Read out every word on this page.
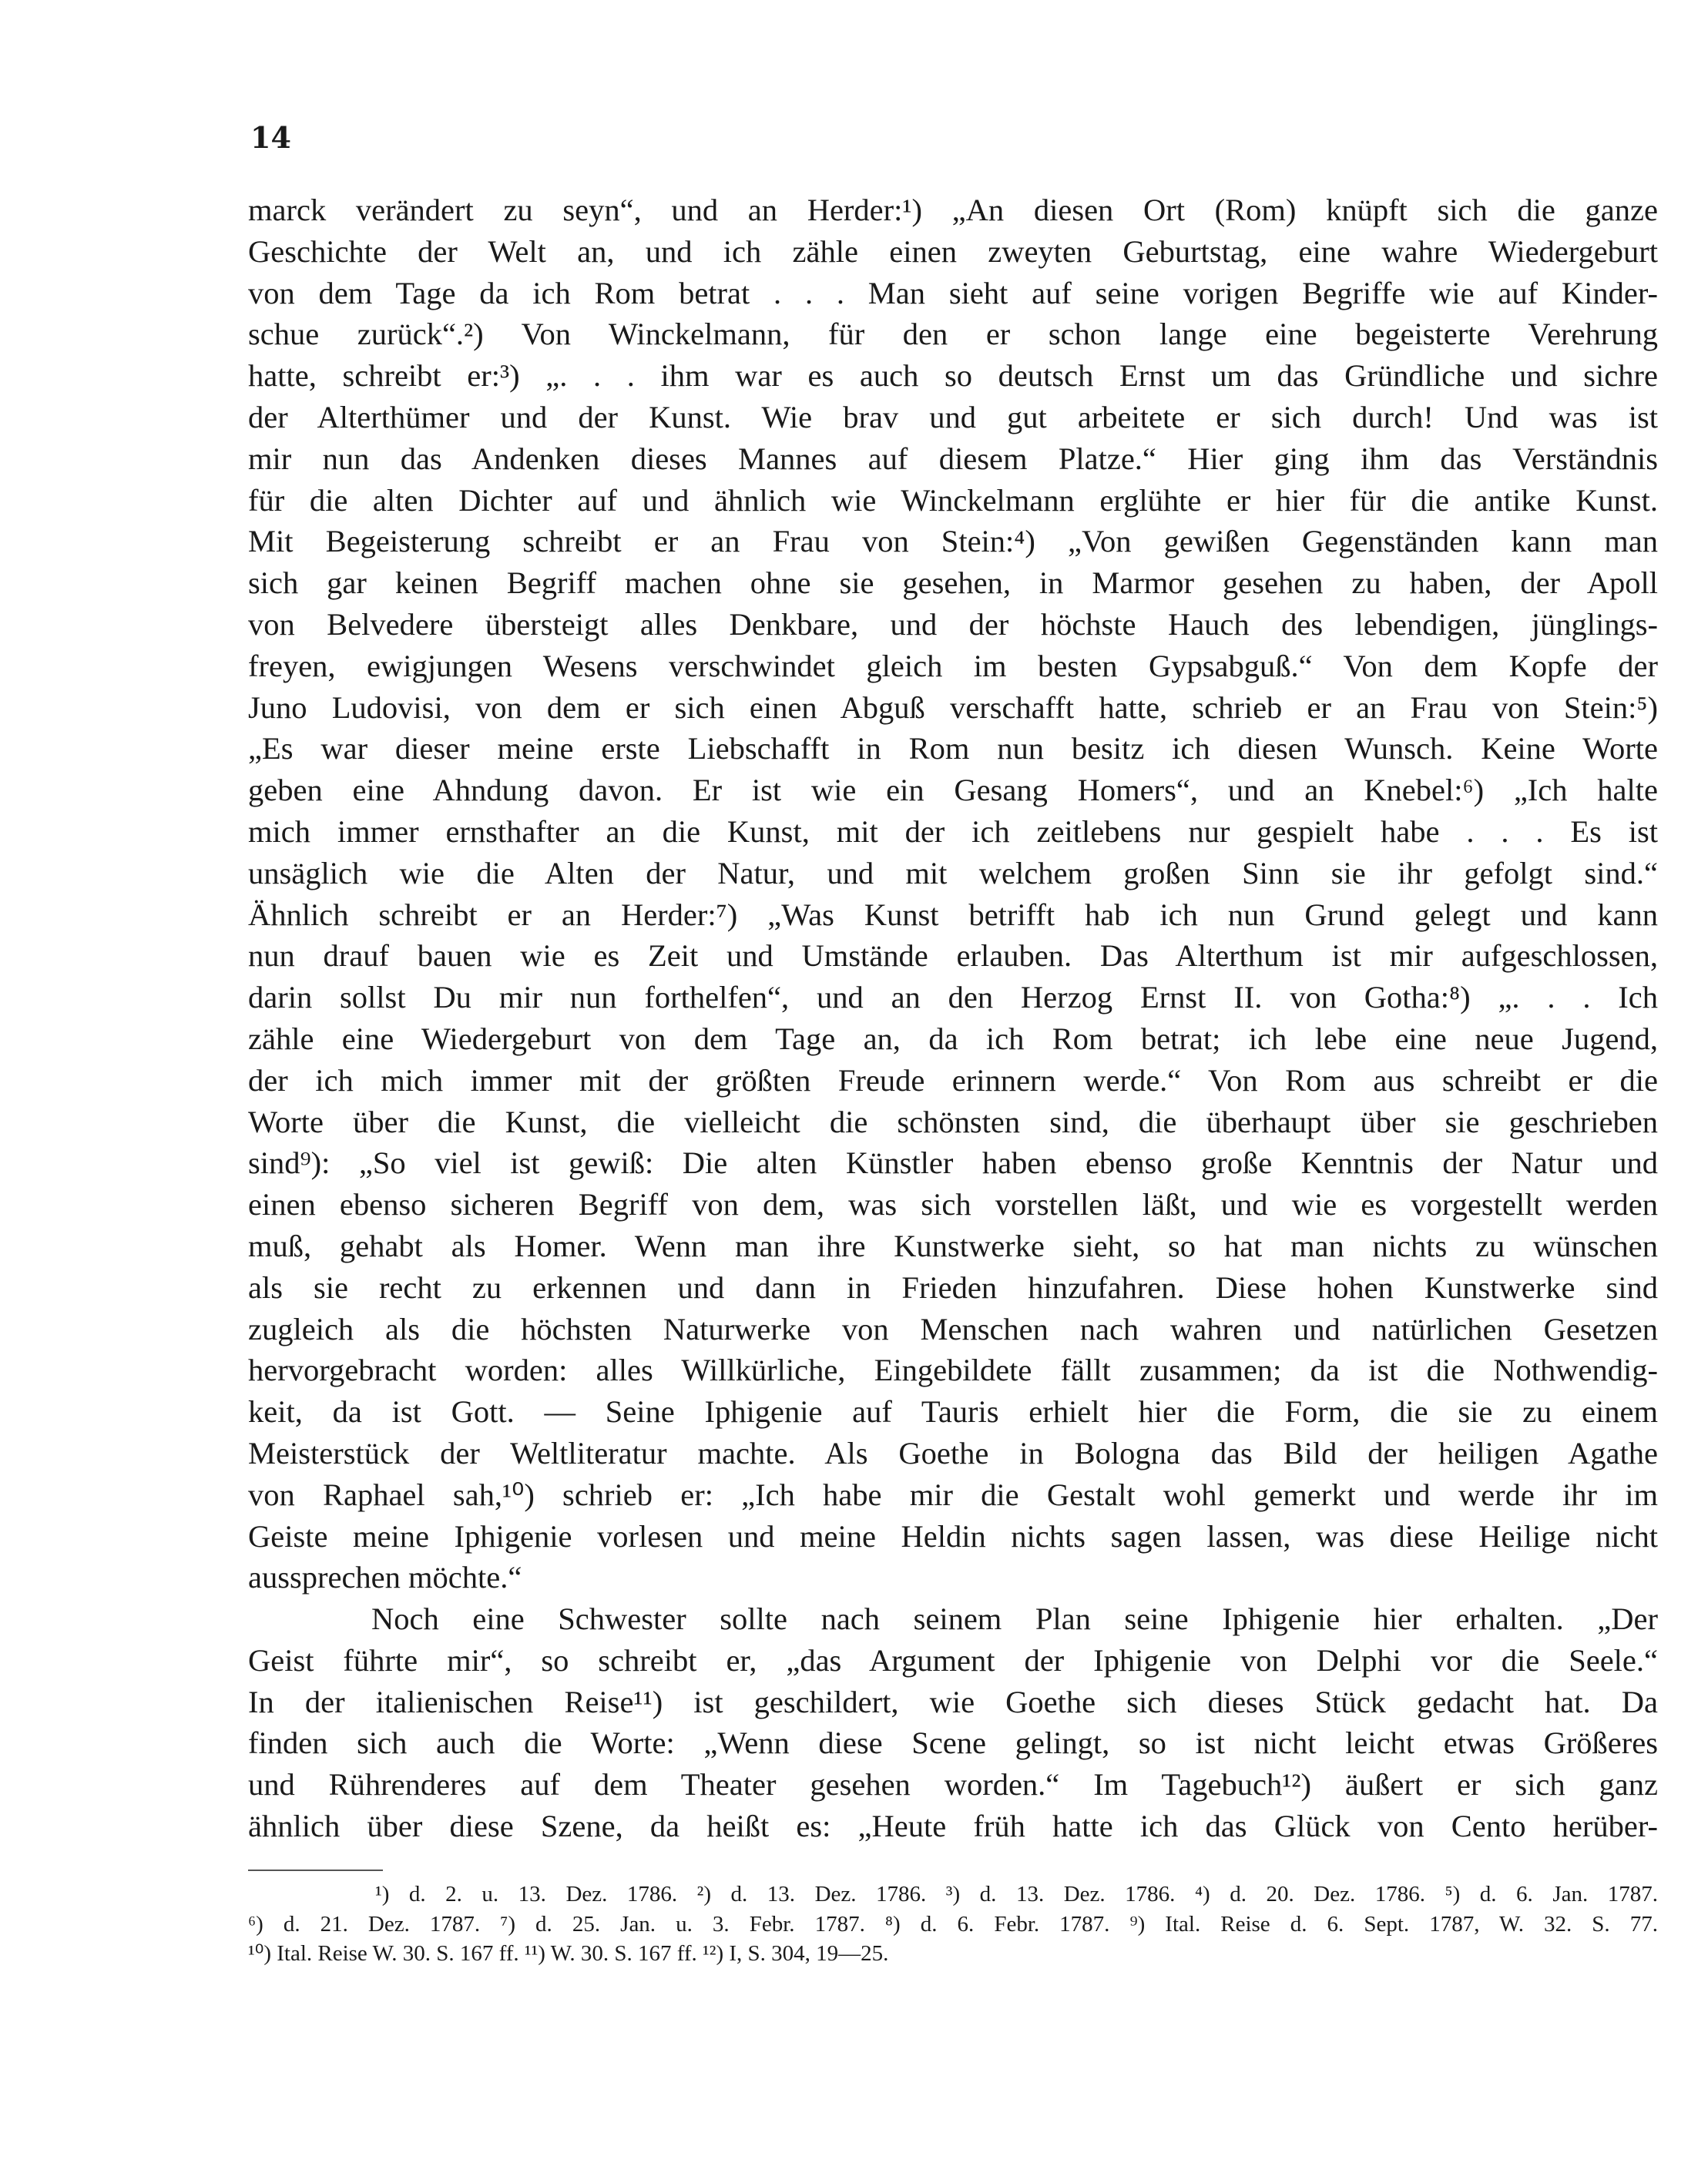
14
marck verändert zu seyn“, und an Herder:¹) „An diesen Ort (Rom) knüpft sich die ganze
Geschichte der Welt an, und ich zähle einen zweyten Geburtstag, eine wahre Wiedergeburt
von dem Tage da ich Rom betrat . . . Man sieht auf seine vorigen Begriffe wie auf Kinder-
schue zurück“.²) Von Winckelmann, für den er schon lange eine begeisterte Verehrung
hatte, schreibt er:³) „. . . ihm war es auch so deutsch Ernst um das Gründliche und sichre
der Alterthümer und der Kunst. Wie brav und gut arbeitete er sich durch! Und was ist
mir nun das Andenken dieses Mannes auf diesem Platze.“ Hier ging ihm das Verständnis
für die alten Dichter auf und ähnlich wie Winckelmann erglühte er hier für die antike Kunst.
Mit Begeisterung schreibt er an Frau von Stein:⁴) „Von gewißen Gegenständen kann man
sich gar keinen Begriff machen ohne sie gesehen, in Marmor gesehen zu haben, der Apoll
von Belvedere übersteigt alles Denkbare, und der höchste Hauch des lebendigen, jünglings-
freyen, ewigjungen Wesens verschwindet gleich im besten Gypsabguß.“ Von dem Kopfe der
Juno Ludovisi, von dem er sich einen Abguß verschafft hatte, schrieb er an Frau von Stein:⁵)
„Es war dieser meine erste Liebschafft in Rom nun besitz ich diesen Wunsch. Keine Worte
geben eine Ahndung davon. Er ist wie ein Gesang Homers“, und an Knebel:⁶) „Ich halte
mich immer ernsthafter an die Kunst, mit der ich zeitlebens nur gespielt habe . . . Es ist
unsäglich wie die Alten der Natur, und mit welchem großen Sinn sie ihr gefolgt sind.“
Ähnlich schreibt er an Herder:⁷) „Was Kunst betrifft hab ich nun Grund gelegt und kann
nun drauf bauen wie es Zeit und Umstände erlauben. Das Alterthum ist mir aufgeschlossen,
darin sollst Du mir nun forthelfen“, und an den Herzog Ernst II. von Gotha:⁸) „. . . Ich
zähle eine Wiedergeburt von dem Tage an, da ich Rom betrat; ich lebe eine neue Jugend,
der ich mich immer mit der größten Freude erinnern werde.“ Von Rom aus schreibt er die
Worte über die Kunst, die vielleicht die schönsten sind, die überhaupt über sie geschrieben
sind⁹): „So viel ist gewiß: Die alten Künstler haben ebenso große Kenntnis der Natur und
einen ebenso sicheren Begriff von dem, was sich vorstellen läßt, und wie es vorgestellt werden
muß, gehabt als Homer. Wenn man ihre Kunstwerke sieht, so hat man nichts zu wünschen
als sie recht zu erkennen und dann in Frieden hinzufahren. Diese hohen Kunstwerke sind
zugleich als die höchsten Naturwerke von Menschen nach wahren und natürlichen Gesetzen
hervorgebracht worden: alles Willkürliche, Eingebildete fällt zusammen; da ist die Nothwendig-
keit, da ist Gott. — Seine Iphigenie auf Tauris erhielt hier die Form, die sie zu einem
Meisterstück der Weltliteratur machte. Als Goethe in Bologna das Bild der heiligen Agathe
von Raphael sah,¹⁰) schrieb er: „Ich habe mir die Gestalt wohl gemerkt und werde ihr im
Geiste meine Iphigenie vorlesen und meine Heldin nichts sagen lassen, was diese Heilige nicht
aussprechen möchte.“
Noch eine Schwester sollte nach seinem Plan seine Iphigenie hier erhalten. „Der
Geist führte mir“, so schreibt er, „das Argument der Iphigenie von Delphi vor die Seele.“
In der italienischen Reise¹¹) ist geschildert, wie Goethe sich dieses Stück gedacht hat. Da
finden sich auch die Worte: „Wenn diese Scene gelingt, so ist nicht leicht etwas Größeres
und Rührenderes auf dem Theater gesehen worden.“ Im Tagebuch¹²) äußert er sich ganz
ähnlich über diese Szene, da heißt es: „Heute früh hatte ich das Glück von Cento herüber-
¹) d. 2. u. 13. Dez. 1786. ²) d. 13. Dez. 1786. ³) d. 13. Dez. 1786. ⁴) d. 20. Dez. 1786. ⁵) d. 6. Jan. 1787.
⁶) d. 21. Dez. 1787. ⁷) d. 25. Jan. u. 3. Febr. 1787. ⁸) d. 6. Febr. 1787. ⁹) Ital. Reise d. 6. Sept. 1787, W. 32. S. 77.
¹⁰) Ital. Reise W. 30. S. 167 ff. ¹¹) W. 30. S. 167 ff. ¹²) I, S. 304, 19—25.
